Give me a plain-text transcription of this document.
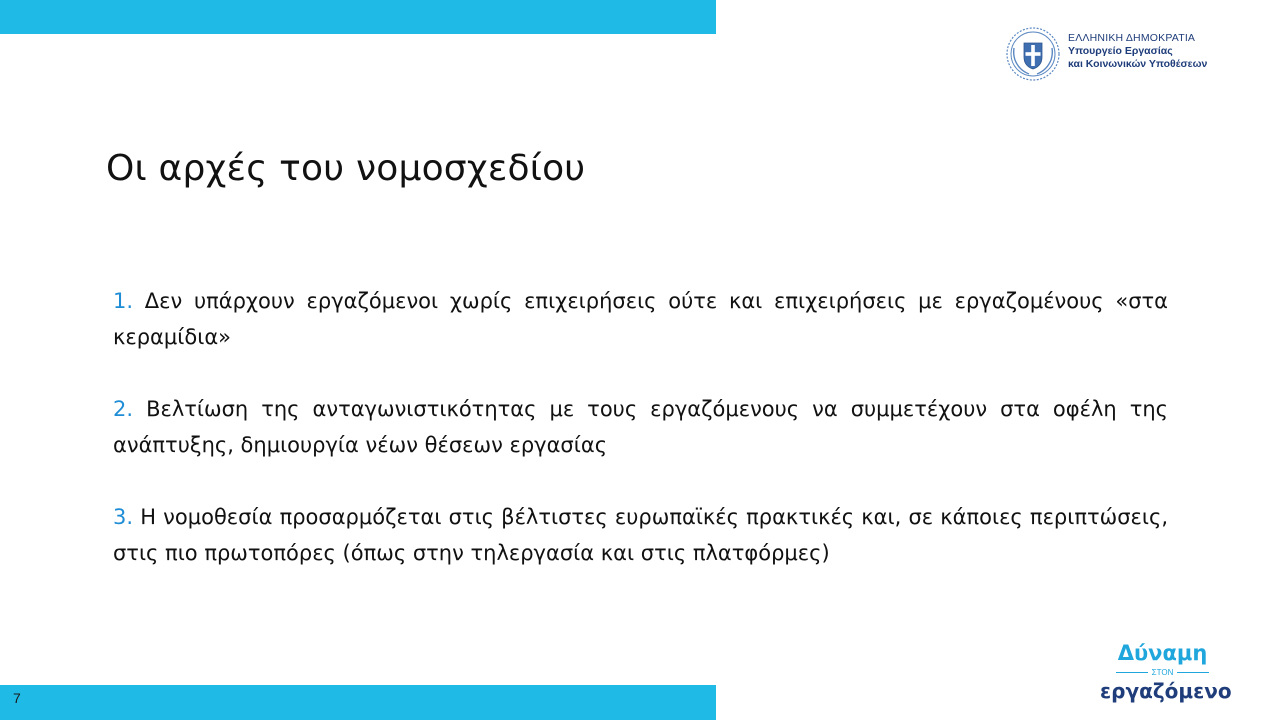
ΕΛΛΗΝΙΚΗ ΔΗΜΟΚΡΑΤΙΑ
Υπουργείο Εργασίας
και Κοινωνικών Υποθέσεων
Οι αρχές του νομοσχεδίου

1. Δεν υπάρχουν εργαζόμενοι χωρίς επιχειρήσεις ούτε και επιχειρήσεις με εργαζομένους «στα κεραμίδια»

2. Βελτίωση της ανταγωνιστικότητας με τους εργαζόμενους να συμμετέχουν στα οφέλη της ανάπτυξης, δημιουργία νέων θέσεων εργασίας

3. Η νομοθεσία προσαρμόζεται στις βέλτιστες ευρωπαϊκές πρακτικές και, σε κάποιες περιπτώσεις, στις πιο πρωτοπόρες (όπως στην τηλεργασία και στις πλατφόρμες)

Δύναμη
ΣΤΟΝ
εργαζόμενο
7
